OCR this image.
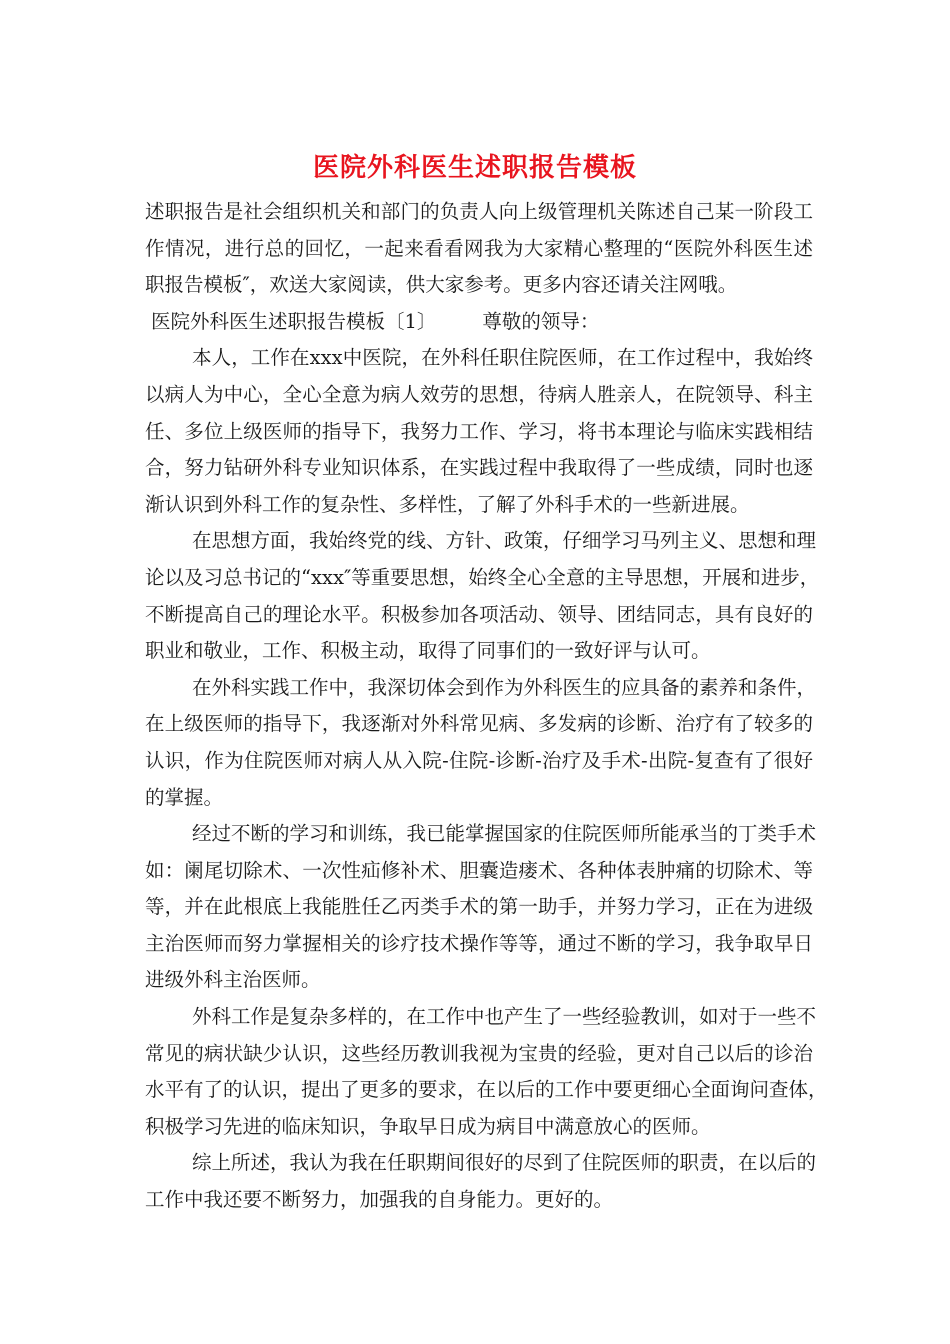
医院外科医生述职报告模板
述职报告是社会组织机关和部门的负责人向上级管理机关陈述自己某一阶段工
作情况，进行总的回忆，一起来看看网我为大家精心整理的“医院外科医生述
职报告模板″，欢送大家阅读，供大家参考。更多内容还请关注网哦。
医院外科医生述职报告模板〔1〕 尊敬的领导：
本人，工作在xxx中医院，在外科任职住院医师，在工作过程中，我始终
以病人为中心，全心全意为病人效劳的思想，待病人胜亲人，在院领导、科主
任、多位上级医师的指导下，我努力工作、学习，将书本理论与临床实践相结
合，努力钻研外科专业知识体系，在实践过程中我取得了一些成绩，同时也逐
渐认识到外科工作的复杂性、多样性，了解了外科手术的一些新进展。
在思想方面，我始终党的线、方针、政策，仔细学习马列主义、思想和理
论以及习总书记的“xxx″等重要思想，始终全心全意的主导思想，开展和进步，
不断提高自己的理论水平。积极参加各项活动、领导、团结同志，具有良好的
职业和敬业，工作、积极主动，取得了同事们的一致好评与认可。
在外科实践工作中，我深切体会到作为外科医生的应具备的素养和条件，
在上级医师的指导下，我逐渐对外科常见病、多发病的诊断、治疗有了较多的
认识，作为住院医师对病人从入院-住院-诊断-治疗及手术-出院-复查有了很好
的掌握。
经过不断的学习和训练，我已能掌握国家的住院医师所能承当的丁类手术
如：阑尾切除术、一次性疝修补术、胆囊造瘘术、各种体表肿痛的切除术、等
等，并在此根底上我能胜任乙丙类手术的第一助手，并努力学习，正在为进级
主治医师而努力掌握相关的诊疗技术操作等等，通过不断的学习，我争取早日
进级外科主治医师。
外科工作是复杂多样的，在工作中也产生了一些经验教训，如对于一些不
常见的病状缺少认识，这些经历教训我视为宝贵的经验，更对自己以后的诊治
水平有了的认识，提出了更多的要求，在以后的工作中要更细心全面询问查体，
积极学习先进的临床知识，争取早日成为病目中满意放心的医师。
综上所述，我认为我在任职期间很好的尽到了住院医师的职责，在以后的
工作中我还要不断努力，加强我的自身能力。更好的。
